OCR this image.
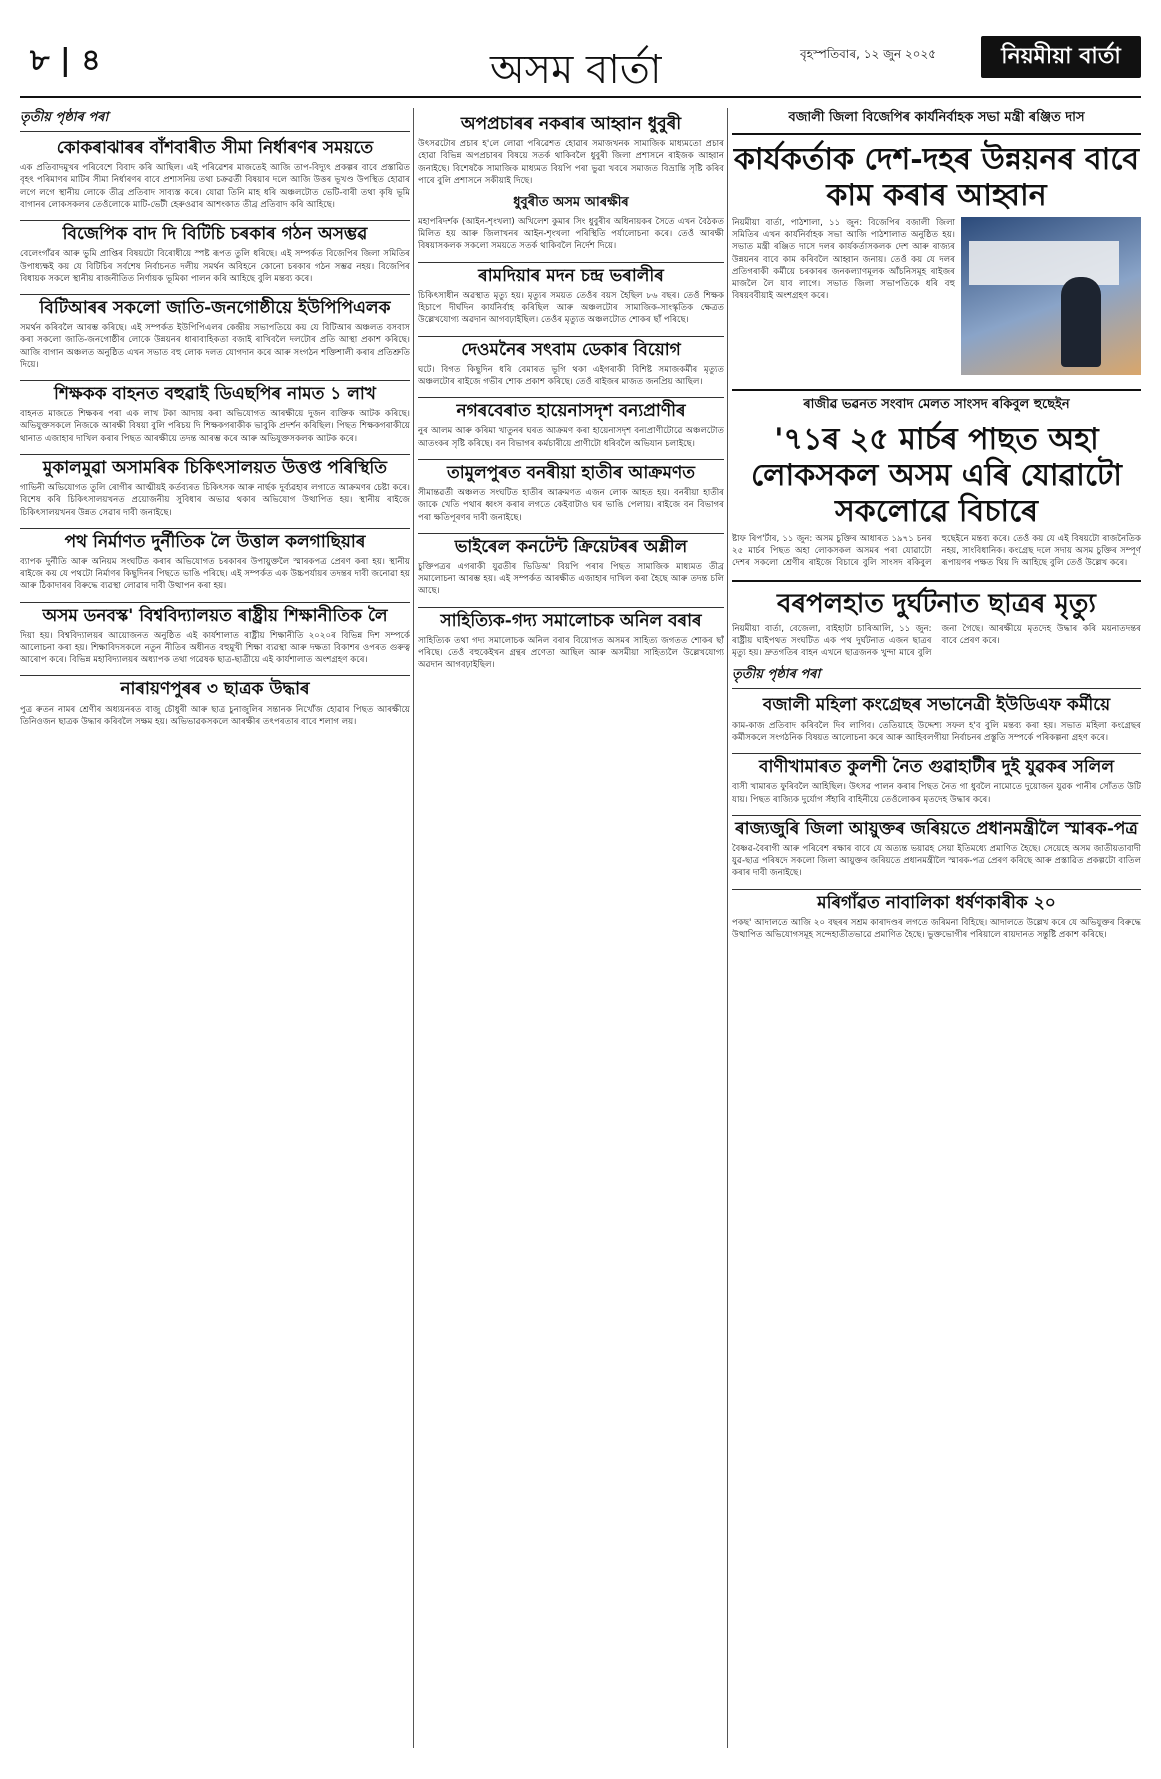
৮ | ৪	অসম বাৰ্তা	বৃহস্পতিবাৰ, ১২ জুন ২০২৫	নিয়মীয়া বাৰ্তা
তৃতীয় পৃষ্ঠাৰ পৰা
কোকৰাঝাৰৰ বাঁশবাৰীত সীমা নিৰ্ধাৰণৰ সময়তে
এক প্ৰতিবাদমুখৰ পৰিবেশে বিবাদ কৰি আছিল। এই পৰিৱেশৰ মাজতেই আজি তাপ-বিদ্যুৎ প্ৰকল্পৰ বাবে প্ৰস্তাৱিত বৃহৎ পৰিমাণৰ মাটিৰ সীমা নিৰ্ধাৰণৰ বাবে প্ৰশাসনিয় তথা চক্ৰৱৰ্তী বিষয়াৰ দলে আজি উত্তৰ ভূখণ্ড উপস্থিত হোৱাৰ লগে লগে স্থানীয় লোকে তীব্ৰ প্ৰতিবাদ সাব্যস্ত কৰে। যোৱা তিনি মাহ ধৰি অঞ্চলটোত ভেটি-বাৰী তথা কৃষি ভূমি বাগানৰ লোকসকলৰ তেওঁলোকে মাটি-ভেটী হেৰুওৱাৰ আশংকাত তীব্ৰ প্ৰতিবাদ কৰি আহিছে।
বিজেপিক বাদ দি বিটিচি চৰকাৰ গঠন অসম্ভৱ
বেলেংগাঁৱৰ আৰু ভুমি প্ৰাপ্তিৰ বিষয়টো বিৰোধীয়ে স্পষ্ট ৰূপত তুলি ধৰিছে। এই সম্পৰ্কত বিজেপিৰ জিলা সমিতিৰ উপাধ্যক্ষই কয় যে বিটিচিৰ সৰ্বশেষ নিৰ্বাচনত দলীয় সমৰ্থন অবিহনে কোনো চৰকাৰ গঠন সম্ভৱ নহয়। বিজেপিৰ বিধায়ক সকলে স্থানীয় ৰাজনীতিত নিৰ্ণায়ক ভূমিকা পালন কৰি আহিছে বুলি মন্তব্য কৰে।
বিটিআৰৰ সকলো জাতি-জনগোষ্ঠীয়ে ইউপিপিএলক
সমৰ্থন কৰিবলৈ আৰম্ভ কৰিছে। এই সম্পৰ্কত ইউপিপিএলৰ কেন্দ্ৰীয় সভাপতিয়ে কয় যে বিটিআৰ অঞ্চলত বসবাস কৰা সকলো জাতি-জনগোষ্ঠীৰ লোকে উন্নয়নৰ ধাৰাবাহিকতা বজাই ৰাখিবলৈ দলটোৰ প্ৰতি আস্থা প্ৰকাশ কৰিছে। আজি বাগান অঞ্চলত অনুষ্ঠিত এখন সভাত বহু লোক দলত যোগদান কৰে আৰু সংগঠন শক্তিশালী কৰাৰ প্ৰতিশ্ৰুতি দিয়ে।
শিক্ষকক বাহনত বহুৱাই ডিএছপিৰ নামত ১ লাখ
বাহনত মাজতে শিক্ষকৰ পৰা এক লাখ টকা আদায় কৰা অভিযোগত আৰক্ষীয়ে দুজন ব্যক্তিক আটক কৰিছে। অভিযুক্তসকলে নিজকে আৰক্ষী বিষয়া বুলি পৰিচয় দি শিক্ষকগৰাকীক ভাবুকি প্ৰদৰ্শন কৰিছিল। পিছত শিক্ষকগৰাকীয়ে থানাত এজাহাৰ দাখিল কৰাৰ পিছত আৰক্ষীয়ে তদন্ত আৰম্ভ কৰে আৰু অভিযুক্তসকলক আটক কৰে।
মুকালমুৱা অসামৰিক চিকিৎসালয়ত উত্তপ্ত পৰিস্থিতি
গাভিনী অভিযোগত তুলি ৰোগীৰ আত্মীয়ই কৰ্তব্যৰত চিকিৎসক আৰু নাৰ্ছক দুৰ্ব্যৱহাৰ লগাতে আক্ৰমণৰ চেষ্টা কৰে। বিশেষ কৰি চিকিৎসালয়খনত প্ৰয়োজনীয় সুবিধাৰ অভাৱ থকাৰ অভিযোগ উত্থাপিত হয়। স্থানীয় ৰাইজে চিকিৎসালয়খনৰ উন্নত সেৱাৰ দাবী জনাইছে।
পথ নিৰ্মাণত দুৰ্নীতিক লৈ উত্তাল কলগাছিয়াৰ
ব্যাপক দুৰ্নীতি আৰু অনিয়ম সংঘটিত কৰাৰ অভিযোগত চৰকাৰৰ উপায়ুক্তলৈ স্মাৰকপত্ৰ প্ৰেৰণ কৰা হয়। স্থানীয় ৰাইজে কয় যে পথটো নিৰ্মাণৰ কিছুদিনৰ পিছতে ভাঙি পৰিছে। এই সম্পৰ্কত এক উচ্চপৰ্যায়ৰ তদন্তৰ দাবী জনোৱা হয় আৰু ঠিকাদাৰৰ বিৰুদ্ধে ব্যৱস্থা লোৱাৰ দাবী উত্থাপন কৰা হয়।
অসম ডনবস্ক' বিশ্ববিদ্যালয়ত ৰাষ্ট্ৰীয় শিক্ষানীতিক লৈ
দিয়া হয়। বিশ্ববিদ্যালয়ৰ আয়োজনত অনুষ্ঠিত এই কাৰ্যশালাত ৰাষ্ট্ৰীয় শিক্ষানীতি ২০২০ৰ বিভিন্ন দিশ সম্পৰ্কে আলোচনা কৰা হয়। শিক্ষাবিদসকলে নতুন নীতিৰ অধীনত বহুমুখী শিক্ষা ব্যৱস্থা আৰু দক্ষতা বিকাশৰ ওপৰত গুৰুত্ব আৰোপ কৰে। বিভিন্ন মহাবিদ্যালয়ৰ অধ্যাপক তথা গৱেষক ছাত্ৰ-ছাত্ৰীয়ে এই কাৰ্যশালাত অংশগ্ৰহণ কৰে।
নাৰায়ণপুৰৰ ৩ ছাত্ৰক উদ্ধাৰ
পুত্ৰ ৰুতন নামৰ শ্ৰেণীৰ অধ্যয়নৰত বাজু চৌধুৰী আৰু ছাত্ৰ চুনাজুলিৰ সন্তানক নিখোঁজ হোৱাৰ পিছত আৰক্ষীয়ে তিনিওজন ছাত্ৰক উদ্ধাৰ কৰিবলৈ সক্ষম হয়। অভিভাৱকসকলে আৰক্ষীৰ তৎপৰতাৰ বাবে শলাগ লয়।
অপপ্ৰচাৰৰ নকৰাৰ আহ্বান ধুবুৰী
উৎসৱটোৰ প্ৰচাৰ হ'লে লোৱা পৰিৱেশত হোৱাৰ সমাজখনক সামাজিক মাধ্যমতো প্ৰচাৰ হোৱা বিভিন্ন অপপ্ৰচাৰৰ বিষয়ে সতৰ্ক থাকিবলৈ ধুবুৰী জিলা প্ৰশাসনে ৰাইজক আহ্বান জনাইছে। বিশেষকৈ সামাজিক মাধ্যমত বিয়পি পৰা ভুৱা খবৰে সমাজত বিভ্ৰান্তি সৃষ্টি কৰিব পাৰে বুলি প্ৰশাসনে সকীয়াই দিছে।
ধুবুৰীত অসম আৰক্ষীৰ
মহাপৰিদৰ্শক (আইন-শৃংখলা) অখিলেশ কুমাৰ সিং ধুবুৰীৰ অধিনায়কৰ সৈতে এখন বৈঠকত মিলিত হয় আৰু জিলাখনৰ আইন-শৃংখলা পৰিস্থিতি পৰ্যালোচনা কৰে। তেওঁ আৰক্ষী বিষয়াসকলক সকলো সময়তে সতৰ্ক থাকিবলৈ নিৰ্দেশ দিয়ে।
ৰামদিয়াৰ মদন চন্দ্ৰ ভৰালীৰ
চিকিৎসাধীন অৱস্থাত মৃত্যু হয়। মৃত্যুৰ সময়ত তেওঁৰ বয়স হৈছিল ৮৬ বছৰ। তেওঁ শিক্ষক হিচাপে দীৰ্ঘদিন কাৰ্যনিৰ্বাহ কৰিছিল আৰু অঞ্চলটোৰ সামাজিক-সাংস্কৃতিক ক্ষেত্ৰত উল্লেখযোগ্য অৱদান আগবঢ়াইছিল। তেওঁৰ মৃত্যুত অঞ্চলটোত শোকৰ ছাঁ পৰিছে।
দেওমনৈৰ সৎবাম ডেকাৰ বিয়োগ
ঘটে। বিগত কিছুদিন ধৰি বেমাৰত ভূগি থকা এইগৰাকী বিশিষ্ট সমাজকৰ্মীৰ মৃত্যুত অঞ্চলটোৰ ৰাইজে গভীৰ শোক প্ৰকাশ কৰিছে। তেওঁ ৰাইজৰ মাজত জনপ্ৰিয় আছিল।
নগৰবেৰাত হায়েনাসদৃশ বন্যপ্ৰাণীৰ
নুৰ আলম আৰু কৰিমা খাতুনৰ ঘৰত আক্ৰমণ কৰা হায়েনাসদৃশ বন্যপ্ৰাণীটোৱে অঞ্চলটোত আতংকৰ সৃষ্টি কৰিছে। বন বিভাগৰ কৰ্মচাৰীয়ে প্ৰাণীটো ধৰিবলৈ অভিযান চলাইছে।
তামুলপুৰত বনৰীয়া হাতীৰ আক্ৰমণত
সীমান্তৱৰ্তী অঞ্চলত সংঘটিত হাতীৰ আক্ৰমণত এজন লোক আহত হয়। বনৰীয়া হাতীৰ জাকে খেতি পথাৰ ধ্বংস কৰাৰ লগতে কেইবাটাও ঘৰ ভাঙি পেলায়। ৰাইজে বন বিভাগৰ পৰা ক্ষতিপূৰণৰ দাবী জনাইছে।
ভাইৰেল কনটেন্ট ক্ৰিয়েটৰৰ অশ্লীল
চুক্তিপত্ৰৰ এগৰাকী যুৱতীৰ ভিডিঅ' বিয়পি পৰাৰ পিছত সামাজিক মাধ্যমত তীব্ৰ সমালোচনা আৰম্ভ হয়। এই সম্পৰ্কত আৰক্ষীত এজাহাৰ দাখিল কৰা হৈছে আৰু তদন্ত চলি আছে।
সাহিত্যিক-গদ্য সমালোচক অনিল বৰাৰ
সাহিত্যিক তথা গদ্য সমালোচক অনিল বৰাৰ বিয়োগত অসমৰ সাহিত্য জগতত শোকৰ ছাঁ পৰিছে। তেওঁ বহুকেইখন গ্ৰন্থৰ প্ৰণেতা আছিল আৰু অসমীয়া সাহিত্যলৈ উল্লেখযোগ্য অৱদান আগবঢ়াইছিল।
বজালী জিলা বিজেপিৰ কাৰ্যনিৰ্বাহক সভা মন্ত্ৰী ৰঞ্জিত দাস
কাৰ্যকৰ্তাক দেশ-দহৰ উন্নয়নৰ বাবে কাম কৰাৰ আহ্বান
নিয়মীয়া বাৰ্তা, পাঠশালা, ১১ জুন: বিজেপিৰ বজালী জিলা সমিতিৰ এখন কাৰ্যনিৰ্বাহক সভা আজি পাঠশালাত অনুষ্ঠিত হয়। সভাত মন্ত্ৰী ৰঞ্জিত দাসে দলৰ কাৰ্যকৰ্তাসকলক দেশ আৰু ৰাজ্যৰ উন্নয়নৰ বাবে কাম কৰিবলৈ আহ্বান জনায়। তেওঁ কয় যে দলৰ প্ৰতিগৰাকী কৰ্মীয়ে চৰকাৰৰ জনকল্যাণমূলক আঁচনিসমূহ ৰাইজৰ মাজলৈ লৈ যাব লাগে। সভাত জিলা সভাপতিকে ধৰি বহু বিষয়ববীয়াই অংশগ্ৰহণ কৰে।
ৰাজীৱ ভৱনত সংবাদ মেলত সাংসদ ৰকিবুল হুছেইন
'৭১ৰ ২৫ মাৰ্চৰ পাছত অহা লোকসকল অসম এৰি যোৱাটো সকলোৱে বিচাৰে
ষ্টাফ ৰিপ'ৰ্টাৰ, ১১ জুন: অসম চুক্তিৰ আধাৰত ১৯৭১ চনৰ ২৫ মাৰ্চৰ পিছত অহা লোকসকল অসমৰ পৰা যোৱাটো দেশৰ সকলো শ্ৰেণীৰ ৰাইজে বিচাৰে বুলি সাংসদ ৰকিবুল হুছেইনে মন্তব্য কৰে। তেওঁ কয় যে এই বিষয়টো ৰাজনৈতিক নহয়, সাংবিধানিক। কংগ্ৰেছ দলে সদায় অসম চুক্তিৰ সম্পূৰ্ণ ৰূপায়ণৰ পক্ষত থিয় দি আহিছে বুলি তেওঁ উল্লেখ কৰে।
বৰপলহাত দুৰ্ঘটনাত ছাত্ৰৰ মৃত্যু
নিয়মীয়া বাৰ্তা, বেজেলা, বাইহাটা চাৰিআলি, ১১ জুন: ৰাষ্ট্ৰীয় ঘাইপথত সংঘটিত এক পথ দুৰ্ঘটনাত এজন ছাত্ৰৰ মৃত্যু হয়। দ্ৰুতগতিৰ বাহন এখনে ছাত্ৰজনক খুন্দা মাৰে বুলি জনা গৈছে। আৰক্ষীয়ে মৃতদেহ উদ্ধাৰ কৰি ময়নাতদন্তৰ বাবে প্ৰেৰণ কৰে।
তৃতীয় পৃষ্ঠাৰ পৰা
বজালী মহিলা কংগ্ৰেছৰ সভানেত্ৰী ইউডিএফ কৰ্মীয়ে
কাম-কাজ প্ৰতিবাদ কৰিবলৈ দিব লাগিব। তেতিয়াহে উদ্দেশ্য সফল হ'ব বুলি মন্তব্য কৰা হয়। সভাত মহিলা কংগ্ৰেছৰ কৰ্মীসকলে সংগঠনিক বিষয়ত আলোচনা কৰে আৰু আহিবলগীয়া নিৰ্বাচনৰ প্ৰস্তুতি সম্পৰ্কে পৰিকল্পনা গ্ৰহণ কৰে।
বাণীখামাৰত কুলশী নৈত গুৱাহাটীৰ দুই যুৱকৰ সলিল
বাসী খামাৰত ফুৰিবলৈ আহিছিল। উৎসৱ পালন কৰাৰ পিছত নৈত গা ধুবলৈ নামোতে দুয়োজন যুৱক পানীৰ সোঁতত উটি যায়। পিছত ৰাজ্যিক দুৰ্যোগ সঁহাৰি বাহিনীয়ে তেওঁলোকৰ মৃতদেহ উদ্ধাৰ কৰে।
ৰাজ্যজুৰি জিলা আয়ুক্তৰ জৰিয়তে প্ৰধানমন্ত্ৰীলৈ স্মাৰক-পত্ৰ
বৈষ্ণৱ-বৈৰাগী আৰু পৰিবেশ ৰক্ষাৰ বাবে যে অত্যন্ত ভয়াৱহ সেয়া ইতিমধ্যে প্ৰমাণিত হৈছে। সেয়েহে অসম জাতীয়তাবাদী যুৱ-ছাত্ৰ পৰিষদে সকলো জিলা আয়ুক্তৰ জৰিয়তে প্ৰধানমন্ত্ৰীলৈ স্মাৰক-পত্ৰ প্ৰেৰণ কৰিছে আৰু প্ৰস্তাৱিত প্ৰকল্পটো বাতিল কৰাৰ দাবী জনাইছে।
মৰিগাঁৱত নাবালিকা ধৰ্ষণকাৰীক ২০
পকছ' আদালতে আজি ২০ বছৰৰ সশ্ৰম কাৰাদণ্ডৰ লগতে জৰিমনা বিহিছে। আদালতে উল্লেখ কৰে যে অভিযুক্তৰ বিৰুদ্ধে উত্থাপিত অভিযোগসমূহ সন্দেহাতীতভাৱে প্ৰমাণিত হৈছে। ভুক্তভোগীৰ পৰিয়ালে ৰায়দানত সন্তুষ্টি প্ৰকাশ কৰিছে।
